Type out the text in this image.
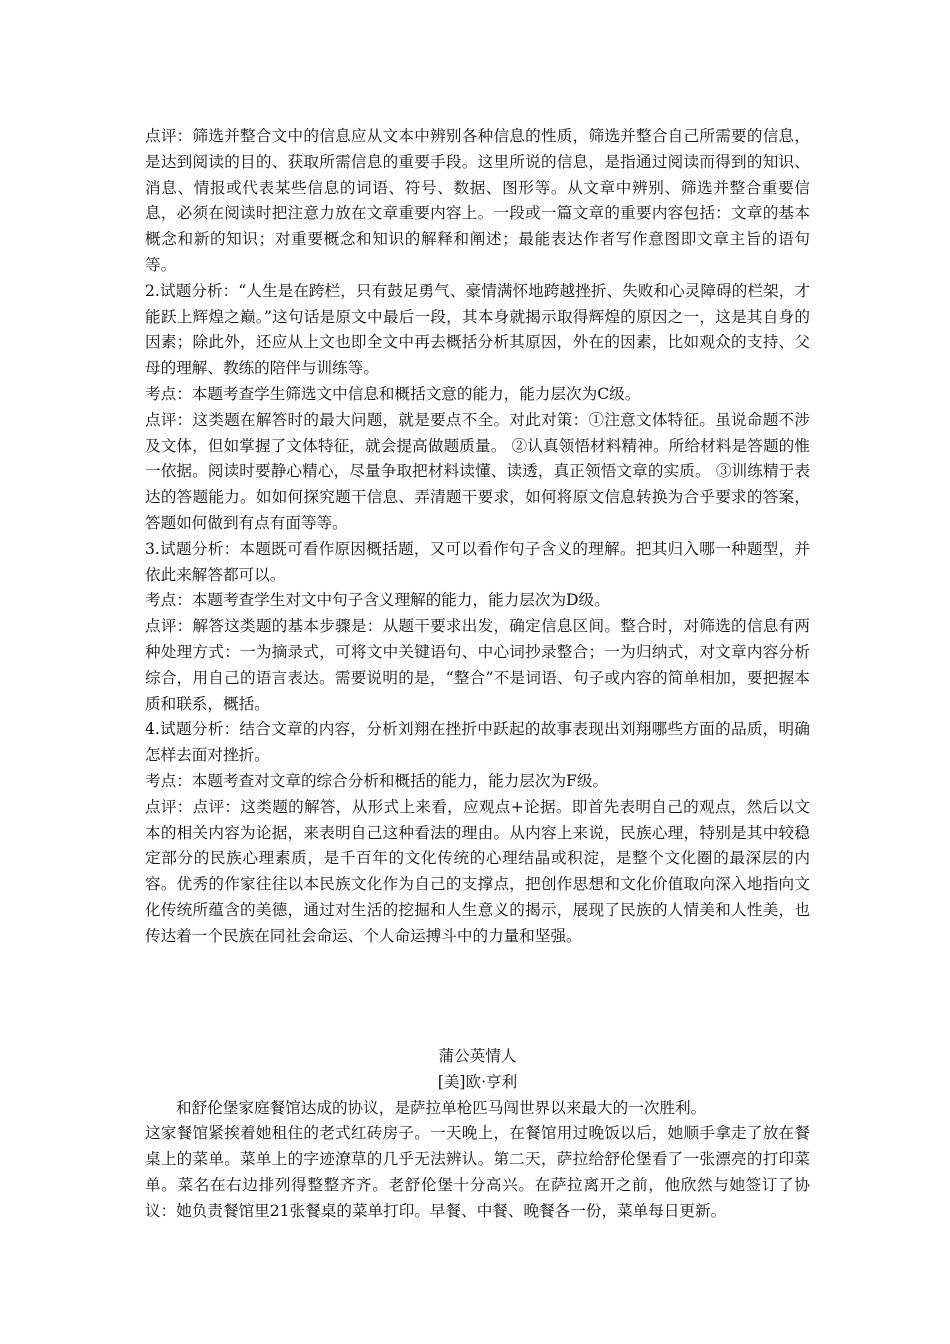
点评：筛选并整合文中的信息应从文本中辨别各种信息的性质，筛选并整合自己所需要的信息，是达到阅读的目的、获取所需信息的重要手段。这里所说的信息，是指通过阅读而得到的知识、消息、情报或代表某些信息的词语、符号、数据、图形等。从文章中辨别、筛选并整合重要信息，必须在阅读时把注意力放在文章重要内容上。一段或一篇文章的重要内容包括：文章的基本概念和新的知识；对重要概念和知识的解释和阐述；最能表达作者写作意图即文章主旨的语句等。

2.试题分析：“人生是在跨栏，只有鼓足勇气、豪情满怀地跨越挫折、失败和心灵障碍的栏架，才能跃上辉煌之巅。”这句话是原文中最后一段，其本身就揭示取得辉煌的原因之一，这是其自身的因素；除此外，还应从上文也即全文中再去概括分析其原因，外在的因素，比如观众的支持、父母的理解、教练的陪伴与训练等。

考点：本题考查学生筛选文中信息和概括文意的能力，能力层次为C级。

点评：这类题在解答时的最大问题，就是要点不全。对此对策：①注意文体特征。虽说命题不涉及文体，但如掌握了文体特征，就会提高做题质量。 ②认真领悟材料精神。所给材料是答题的惟一依据。阅读时要静心精心，尽量争取把材料读懂、读透，真正领悟文章的实质。 ③训练精于表达的答题能力。如如何探究题干信息、弄清题干要求，如何将原文信息转换为合乎要求的答案，答题如何做到有点有面等等。

3.试题分析：本题既可看作原因概括题，又可以看作句子含义的理解。把其归入哪一种题型，并依此来解答都可以。

考点：本题考查学生对文中句子含义理解的能力，能力层次为D级。

点评：解答这类题的基本步骤是：从题干要求出发，确定信息区间。整合时，对筛选的信息有两种处理方式：一为摘录式，可将文中关键语句、中心词抄录整合；一为归纳式，对文章内容分析综合，用自己的语言表达。需要说明的是，“整合”不是词语、句子或内容的简单相加，要把握本质和联系，概括。

4.试题分析：结合文章的内容，分析刘翔在挫折中跃起的故事表现出刘翔哪些方面的品质，明确怎样去面对挫折。

考点：本题考查对文章的综合分析和概括的能力，能力层次为F级。

点评：点评：这类题的解答，从形式上来看，应观点+论据。即首先表明自己的观点，然后以文本的相关内容为论据，来表明自己这种看法的理由。从内容上来说，民族心理，特别是其中较稳定部分的民族心理素质，是千百年的文化传统的心理结晶或积淀，是整个文化圈的最深层的内容。优秀的作家往往以本民族文化作为自己的支撑点，把创作思想和文化价值取向深入地指向文化传统所蕴含的美德，通过对生活的挖掘和人生意义的揭示，展现了民族的人情美和人性美，也传达着一个民族在同社会命运、个人命运搏斗中的力量和坚强。

蒲公英情人

[美]欧·亨利

和舒伦堡家庭餐馆达成的协议，是萨拉单枪匹马闯世界以来最大的一次胜利。

这家餐馆紧挨着她租住的老式红砖房子。一天晚上，在餐馆用过晚饭以后，她顺手拿走了放在餐桌上的菜单。菜单上的字迹潦草的几乎无法辨认。第二天，萨拉给舒伦堡看了一张漂亮的打印菜单。菜名在右边排列得整整齐齐。老舒伦堡十分高兴。在萨拉离开之前，他欣然与她签订了协议：她负责餐馆里21张餐桌的菜单打印。早餐、中餐、晚餐各一份，菜单每日更新。
